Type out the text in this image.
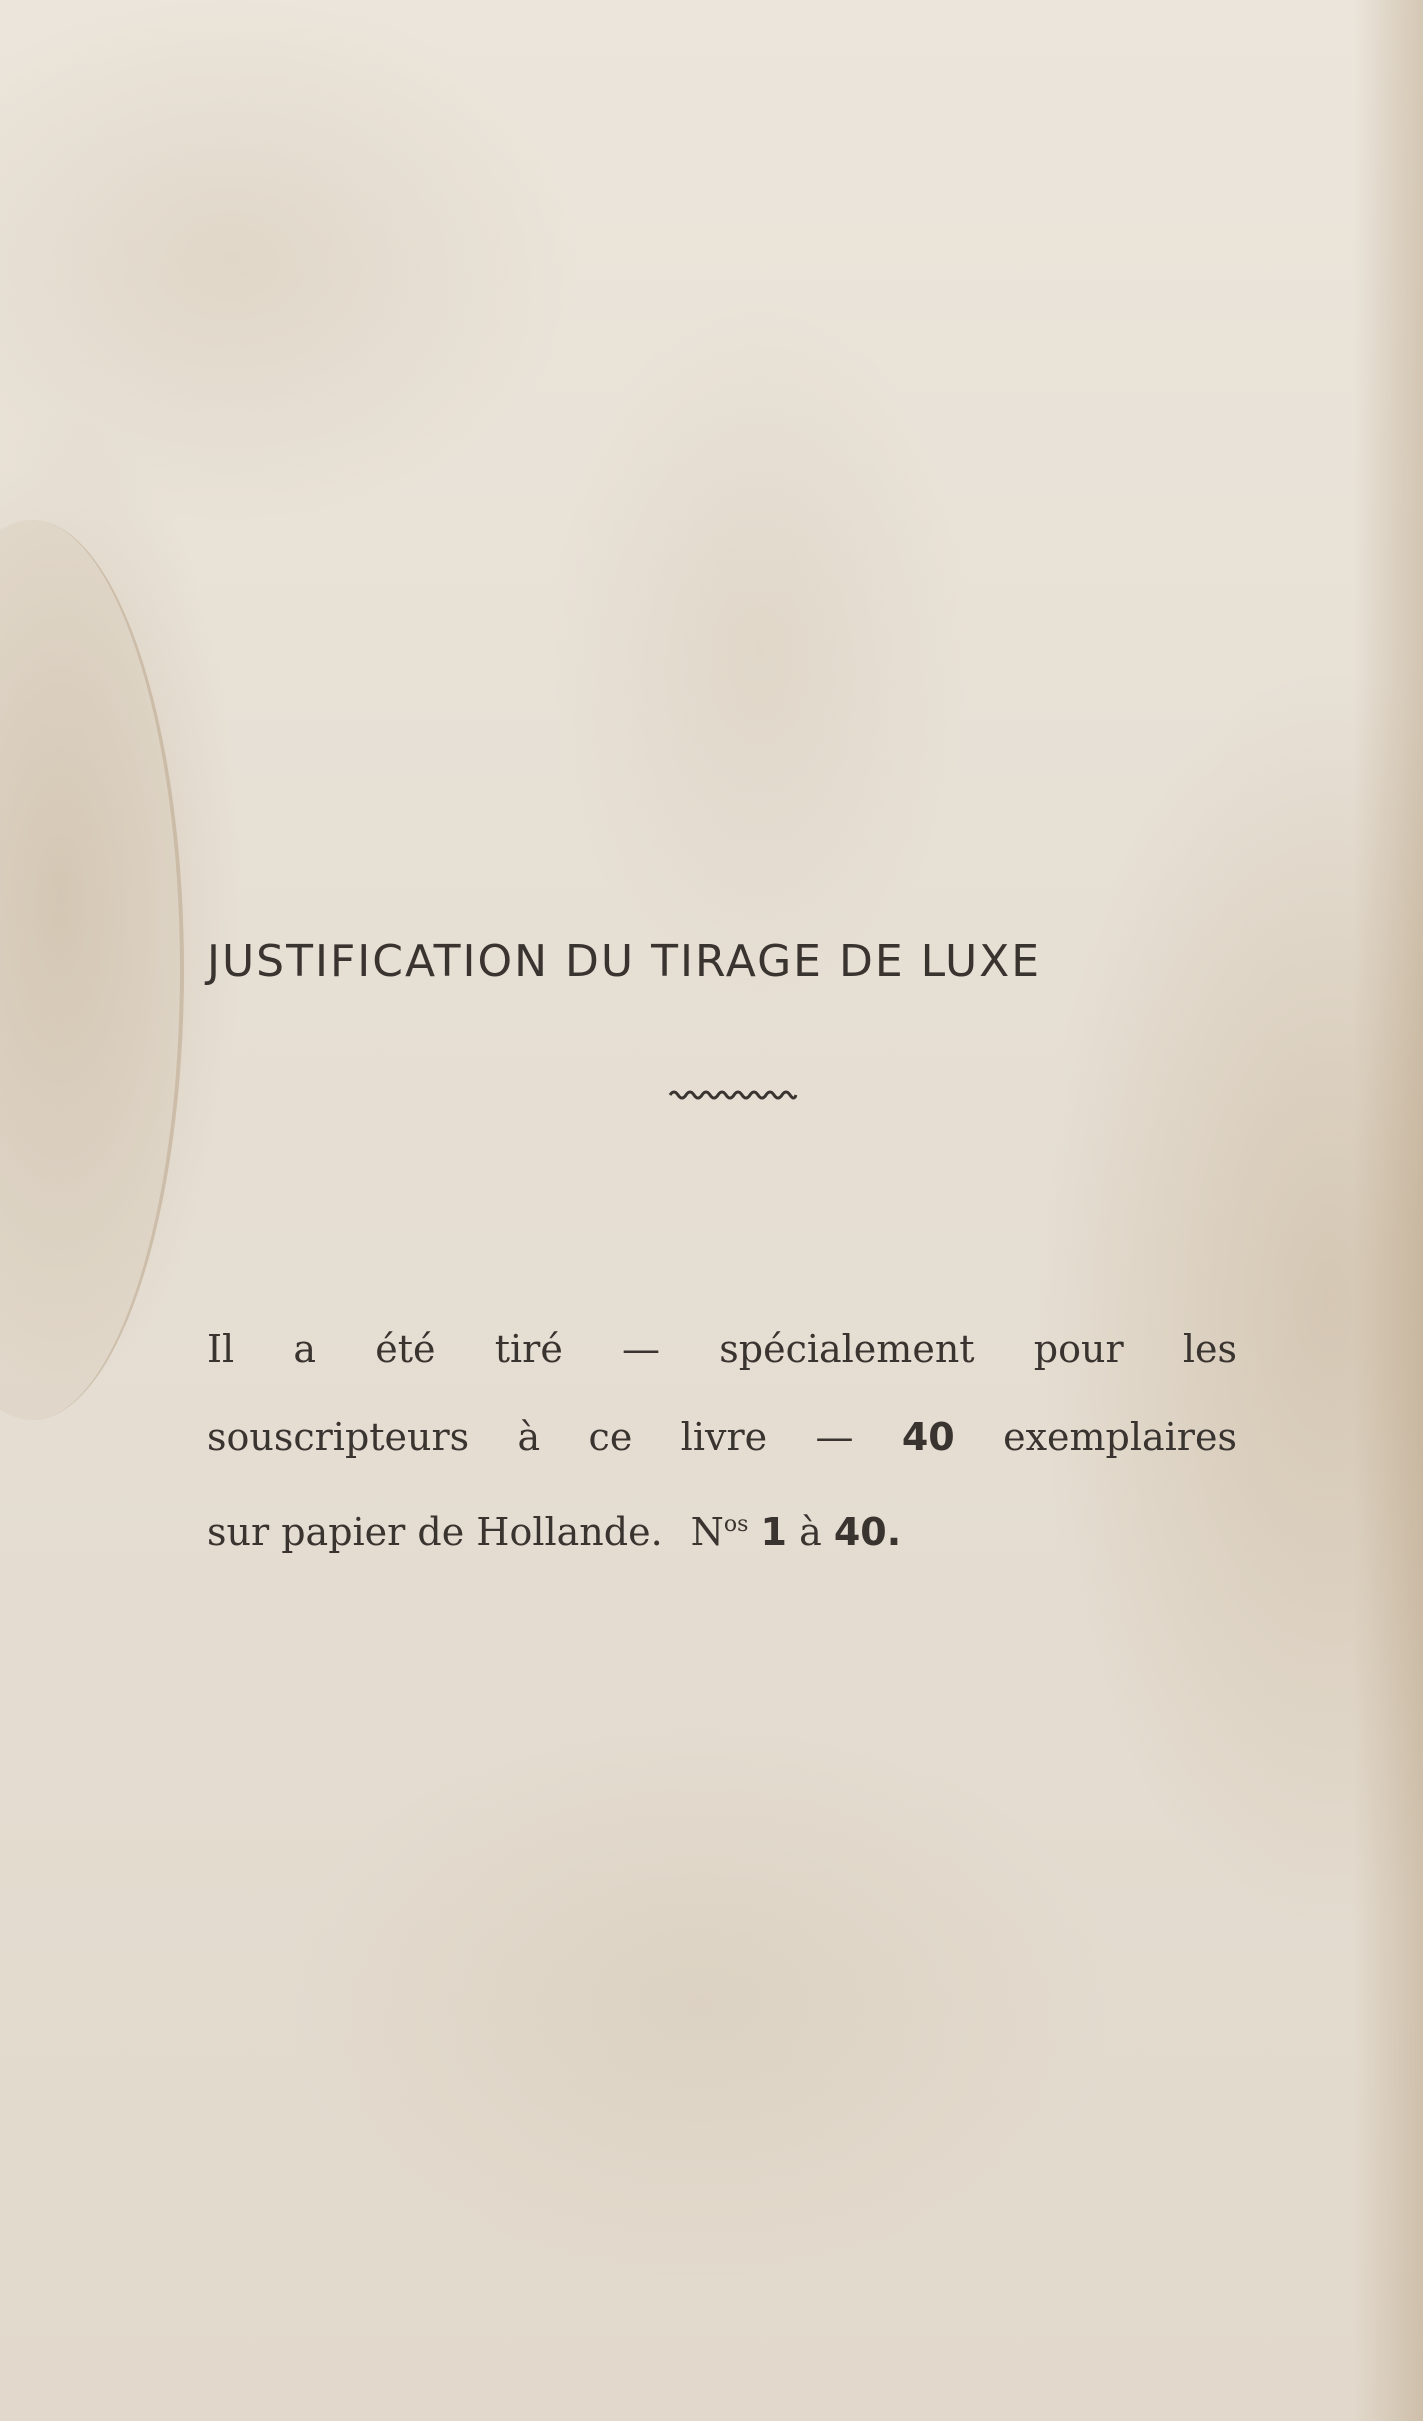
JUSTIFICATION DU TIRAGE DE LUXE
Il a été tiré — spécialement pour les
souscripteurs à ce livre — 40 exemplaires
sur papier de Hollande. $N^{os}$ 1 à 40.
